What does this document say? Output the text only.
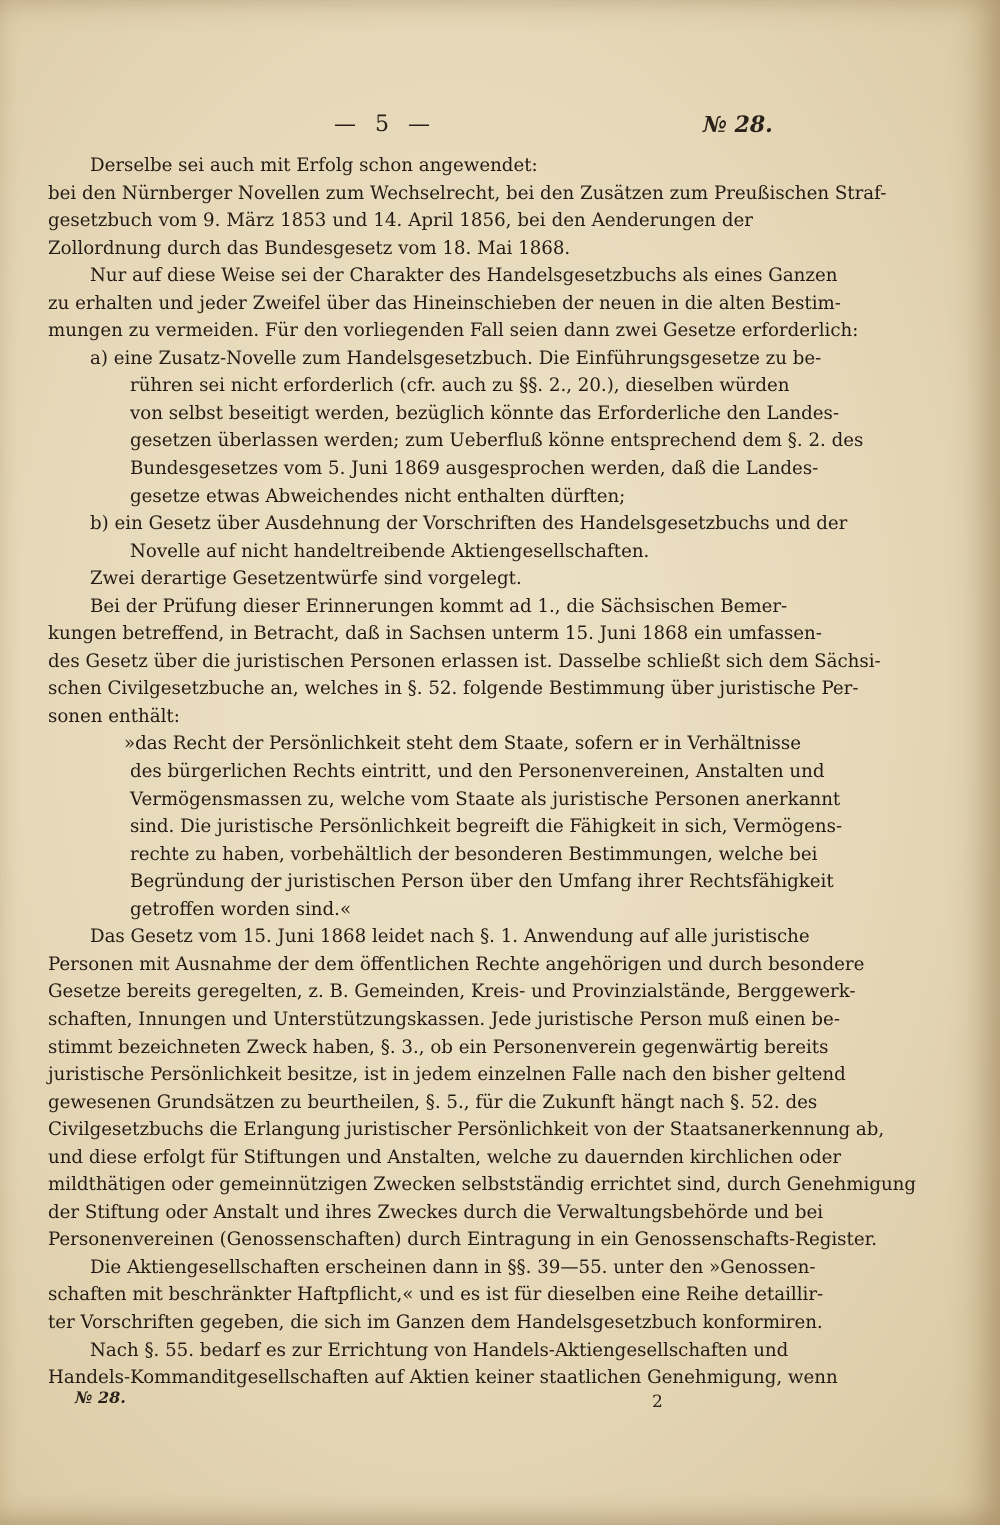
— 5 —	№ 28.
Derselbe sei auch mit Erfolg schon angewendet:
bei den Nürnberger Novellen zum Wechselrecht, bei den Zusätzen zum Preußischen Straf-
gesetzbuch vom 9. März 1853 und 14. April 1856, bei den Aenderungen der
Zollordnung durch das Bundesgesetz vom 18. Mai 1868.
Nur auf diese Weise sei der Charakter des Handelsgesetzbuchs als eines Ganzen
zu erhalten und jeder Zweifel über das Hineinschieben der neuen in die alten Bestim-
mungen zu vermeiden. Für den vorliegenden Fall seien dann zwei Gesetze erforderlich:
a) eine Zusatz-Novelle zum Handelsgesetzbuch. Die Einführungsgesetze zu be-
rühren sei nicht erforderlich (cfr. auch zu §§. 2., 20.), dieselben würden
von selbst beseitigt werden, bezüglich könnte das Erforderliche den Landes-
gesetzen überlassen werden; zum Ueberfluß könne entsprechend dem §. 2. des
Bundesgesetzes vom 5. Juni 1869 ausgesprochen werden, daß die Landes-
gesetze etwas Abweichendes nicht enthalten dürften;
b) ein Gesetz über Ausdehnung der Vorschriften des Handelsgesetzbuchs und der
Novelle auf nicht handeltreibende Aktiengesellschaften.
Zwei derartige Gesetzentwürfe sind vorgelegt.
Bei der Prüfung dieser Erinnerungen kommt ad 1., die Sächsischen Bemer-
kungen betreffend, in Betracht, daß in Sachsen unterm 15. Juni 1868 ein umfassen-
des Gesetz über die juristischen Personen erlassen ist. Dasselbe schließt sich dem Sächsi-
schen Civilgesetzbuche an, welches in §. 52. folgende Bestimmung über juristische Per-
sonen enthält:
»das Recht der Persönlichkeit steht dem Staate, sofern er in Verhältnisse
des bürgerlichen Rechts eintritt, und den Personenvereinen, Anstalten und
Vermögensmassen zu, welche vom Staate als juristische Personen anerkannt
sind. Die juristische Persönlichkeit begreift die Fähigkeit in sich, Vermögens-
rechte zu haben, vorbehältlich der besonderen Bestimmungen, welche bei
Begründung der juristischen Person über den Umfang ihrer Rechtsfähigkeit
getroffen worden sind.«
Das Gesetz vom 15. Juni 1868 leidet nach §. 1. Anwendung auf alle juristische
Personen mit Ausnahme der dem öffentlichen Rechte angehörigen und durch besondere
Gesetze bereits geregelten, z. B. Gemeinden, Kreis- und Provinzialstände, Berggewerk-
schaften, Innungen und Unterstützungskassen. Jede juristische Person muß einen be-
stimmt bezeichneten Zweck haben, §. 3., ob ein Personenverein gegenwärtig bereits
juristische Persönlichkeit besitze, ist in jedem einzelnen Falle nach den bisher geltend
gewesenen Grundsätzen zu beurtheilen, §. 5., für die Zukunft hängt nach §. 52. des
Civilgesetzbuchs die Erlangung juristischer Persönlichkeit von der Staatsanerkennung ab,
und diese erfolgt für Stiftungen und Anstalten, welche zu dauernden kirchlichen oder
mildthätigen oder gemeinnützigen Zwecken selbstständig errichtet sind, durch Genehmigung
der Stiftung oder Anstalt und ihres Zweckes durch die Verwaltungsbehörde und bei
Personenvereinen (Genossenschaften) durch Eintragung in ein Genossenschafts-Register.
Die Aktiengesellschaften erscheinen dann in §§. 39—55. unter den »Genossen-
schaften mit beschränkter Haftpflicht,« und es ist für dieselben eine Reihe detaillir-
ter Vorschriften gegeben, die sich im Ganzen dem Handelsgesetzbuch konformiren.
Nach §. 55. bedarf es zur Errichtung von Handels-Aktiengesellschaften und
Handels-Kommanditgesellschaften auf Aktien keiner staatlichen Genehmigung, wenn
№ 28.	2
